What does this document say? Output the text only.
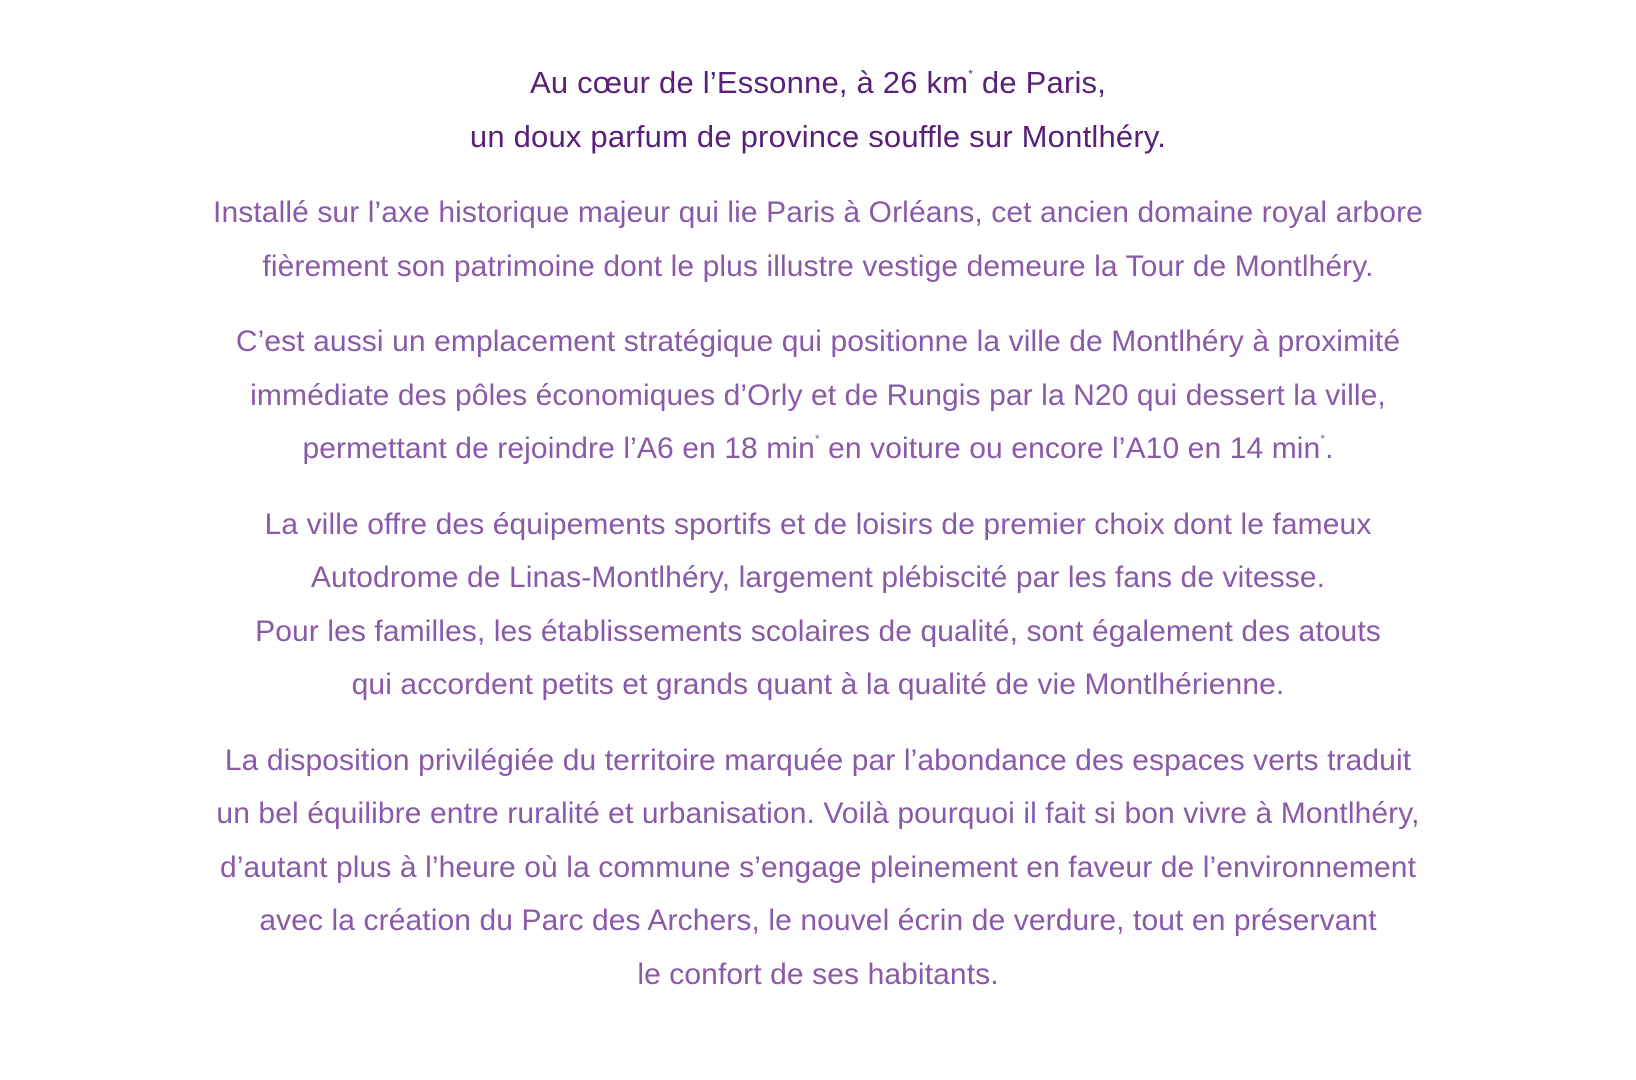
Au cœur de l’Essonne, à 26 km* de Paris,
un doux parfum de province souffle sur Montlhéry.

Installé sur l’axe historique majeur qui lie Paris à Orléans, cet ancien domaine royal arbore
fièrement son patrimoine dont le plus illustre vestige demeure la Tour de Montlhéry.

C’est aussi un emplacement stratégique qui positionne la ville de Montlhéry à proximité
immédiate des pôles économiques d’Orly et de Rungis par la N20 qui dessert la ville,
permettant de rejoindre l’A6 en 18 min* en voiture ou encore l’A10 en 14 min*.

La ville offre des équipements sportifs et de loisirs de premier choix dont le fameux
Autodrome de Linas-Montlhéry, largement plébiscité par les fans de vitesse.
Pour les familles, les établissements scolaires de qualité, sont également des atouts
qui accordent petits et grands quant à la qualité de vie Montlhérienne.

La disposition privilégiée du territoire marquée par l’abondance des espaces verts traduit
un bel équilibre entre ruralité et urbanisation. Voilà pourquoi il fait si bon vivre à Montlhéry,
d’autant plus à l’heure où la commune s’engage pleinement en faveur de l’environnement
avec la création du Parc des Archers, le nouvel écrin de verdure, tout en préservant
le confort de ses habitants.
